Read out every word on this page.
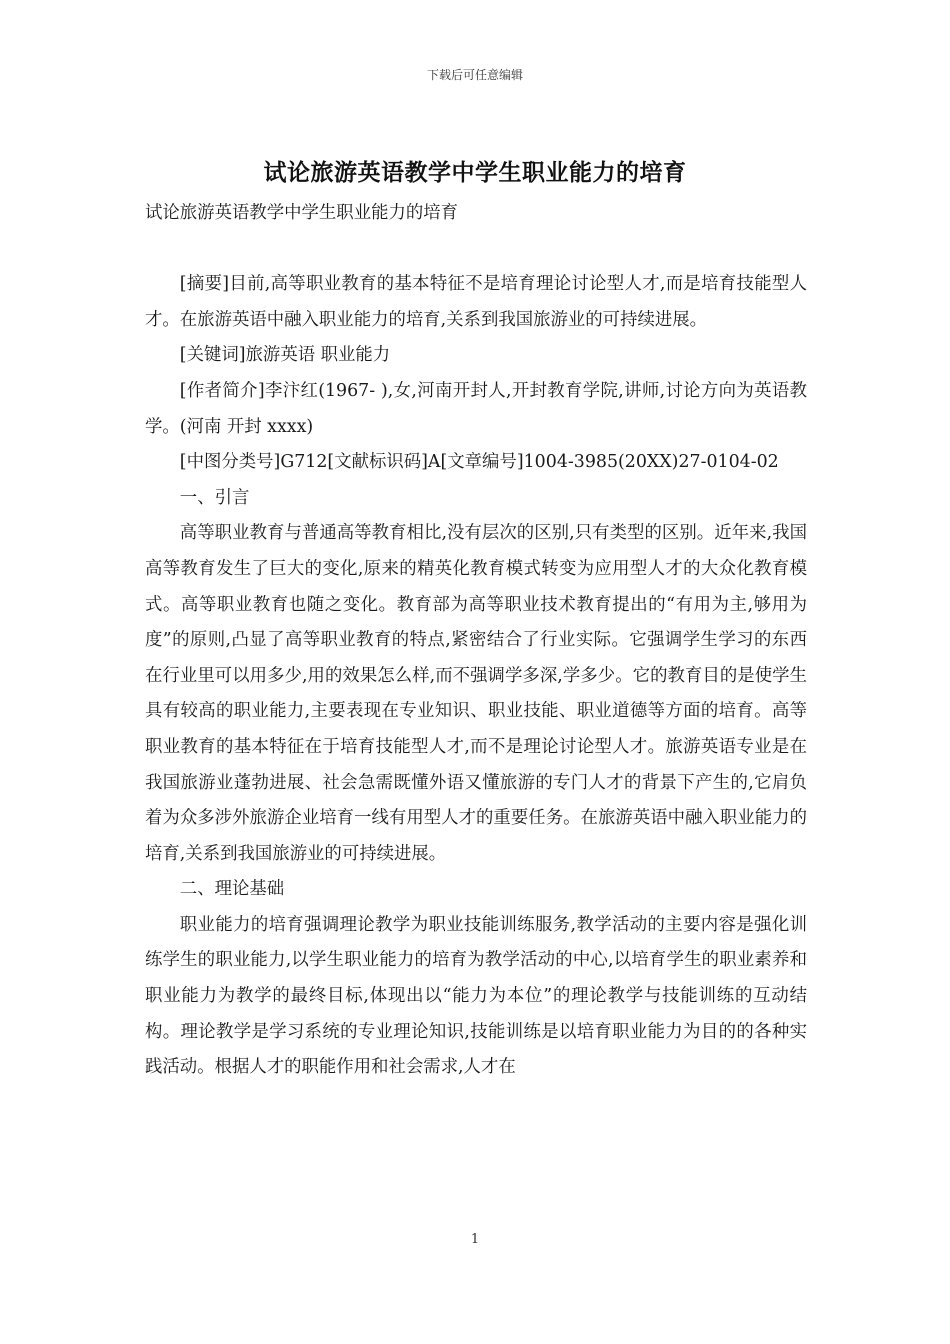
下载后可任意编辑
试论旅游英语教学中学生职业能力的培育

试论旅游英语教学中学生职业能力的培育

[摘要]目前,高等职业教育的基本特征不是培育理论讨论型人才,而是培育技能型人才。在旅游英语中融入职业能力的培育,关系到我国旅游业的可持续进展。

[关键词]旅游英语 职业能力

[作者简介]李汴红(1967- ),女,河南开封人,开封教育学院,讲师,讨论方向为英语教学。(河南 开封 xxxx)

[中图分类号]G712[文献标识码]A[文章编号]1004-3985(20XX)27-0104-02

一、引言

高等职业教育与普通高等教育相比,没有层次的区别,只有类型的区别。近年来,我国高等教育发生了巨大的变化,原来的精英化教育模式转变为应用型人才的大众化教育模式。高等职业教育也随之变化。教育部为高等职业技术教育提出的“有用为主,够用为度”的原则,凸显了高等职业教育的特点,紧密结合了行业实际。它强调学生学习的东西在行业里可以用多少,用的效果怎么样,而不强调学多深,学多少。它的教育目的是使学生具有较高的职业能力,主要表现在专业知识、职业技能、职业道德等方面的培育。高等职业教育的基本特征在于培育技能型人才,而不是理论讨论型人才。旅游英语专业是在我国旅游业蓬勃进展、社会急需既懂外语又懂旅游的专门人才的背景下产生的,它肩负着为众多涉外旅游企业培育一线有用型人才的重要任务。在旅游英语中融入职业能力的培育,关系到我国旅游业的可持续进展。

二、理论基础

职业能力的培育强调理论教学为职业技能训练服务,教学活动的主要内容是强化训练学生的职业能力,以学生职业能力的培育为教学活动的中心,以培育学生的职业素养和职业能力为教学的最终目标,体现出以“能力为本位”的理论教学与技能训练的互动结构。理论教学是学习系统的专业理论知识,技能训练是以培育职业能力为目的的各种实践活动。根据人才的职能作用和社会需求,人才在

1
